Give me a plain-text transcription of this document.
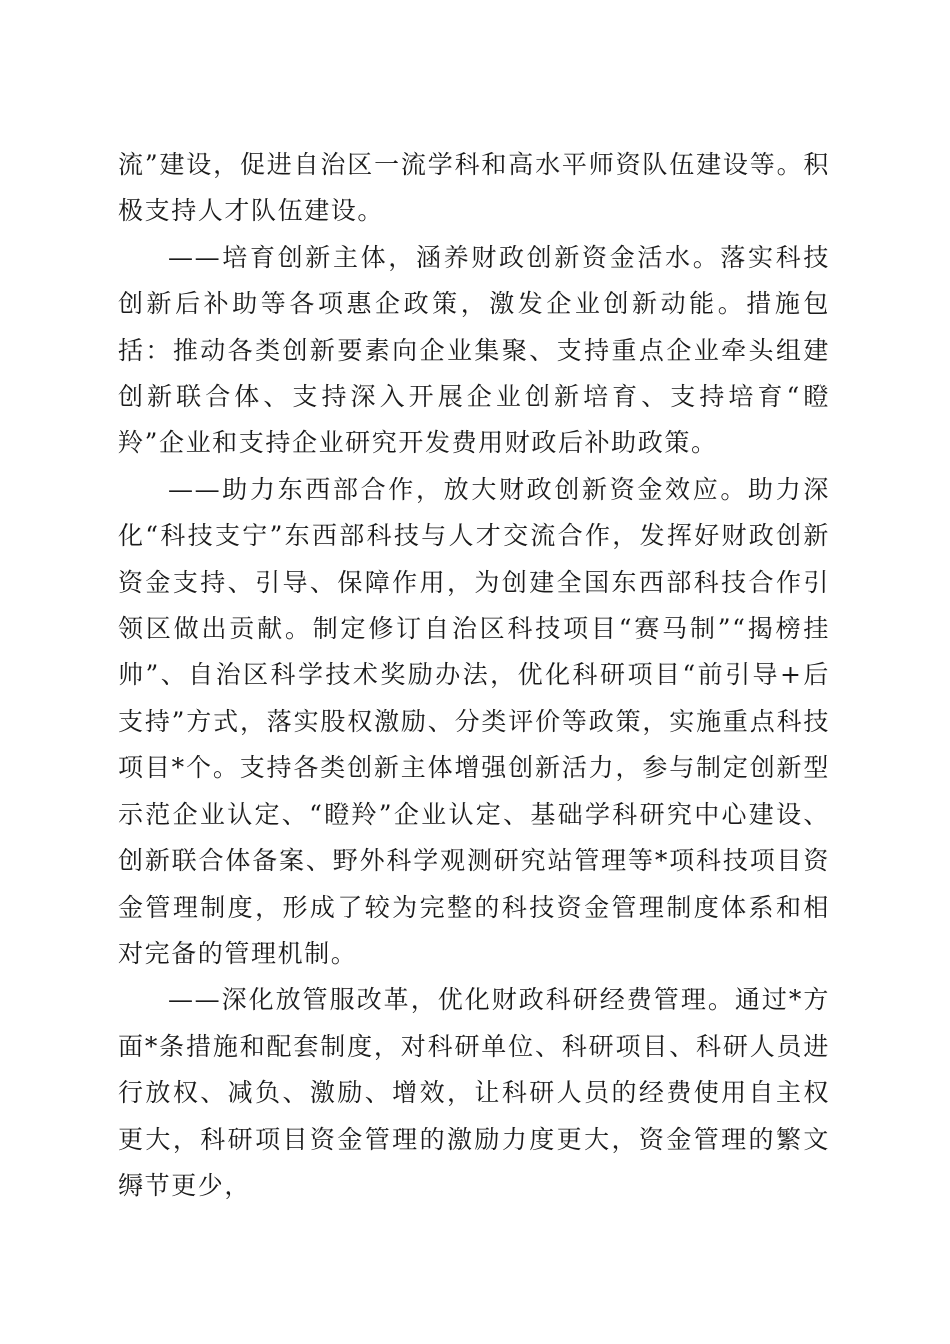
流”建设，促进自治区一流学科和高水平师资队伍建设等。积极支持人才队伍建设。

——培育创新主体，涵养财政创新资金活水。落实科技创新后补助等各项惠企政策，激发企业创新动能。措施包括：推动各类创新要素向企业集聚、支持重点企业牵头组建创新联合体、支持深入开展企业创新培育、支持培育“瞪羚”企业和支持企业研究开发费用财政后补助政策。

——助力东西部合作，放大财政创新资金效应。助力深化“科技支宁”东西部科技与人才交流合作，发挥好财政创新资金支持、引导、保障作用，为创建全国东西部科技合作引领区做出贡献。制定修订自治区科技项目“赛马制”“揭榜挂帅”、自治区科学技术奖励办法，优化科研项目“前引导+后支持”方式，落实股权激励、分类评价等政策，实施重点科技项目*个。支持各类创新主体增强创新活力，参与制定创新型示范企业认定、“瞪羚”企业认定、基础学科研究中心建设、创新联合体备案、野外科学观测研究站管理等*项科技项目资金管理制度，形成了较为完整的科技资金管理制度体系和相对完备的管理机制。

——深化放管服改革，优化财政科研经费管理。通过*方面*条措施和配套制度，对科研单位、科研项目、科研人员进行放权、减负、激励、增效，让科研人员的经费使用自主权更大，科研项目资金管理的激励力度更大，资金管理的繁文缛节更少，
